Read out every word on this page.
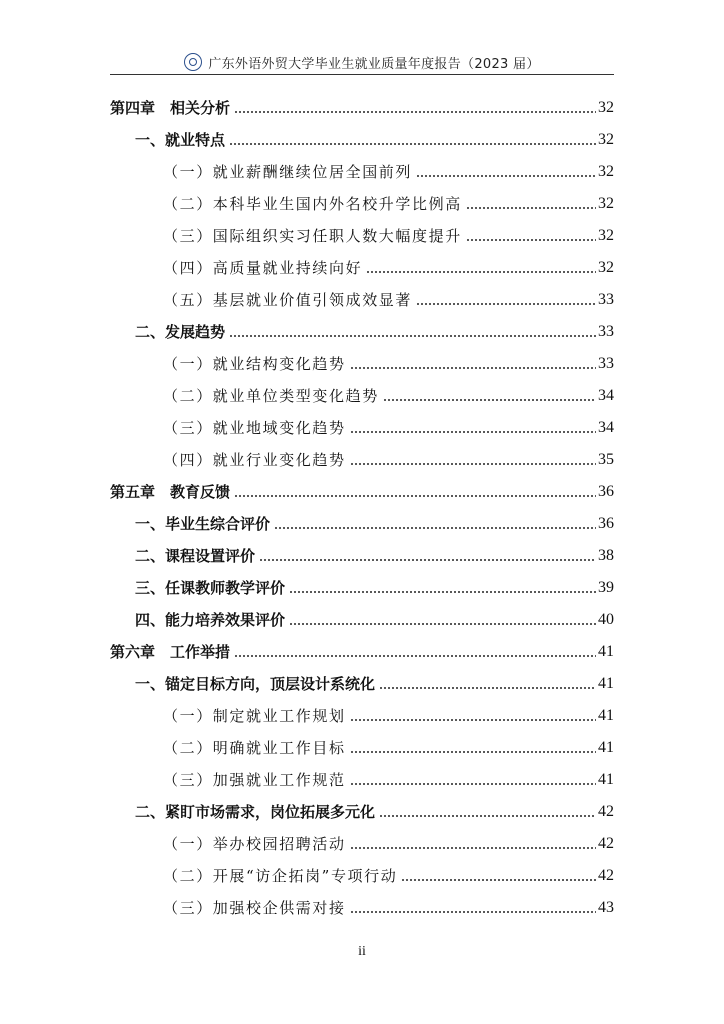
广东外语外贸大学毕业生就业质量年度报告（2023 届）
第四章　相关分析	32
一、就业特点	32
（一）就业薪酬继续位居全国前列	32
（二）本科毕业生国内外名校升学比例高	32
（三）国际组织实习任职人数大幅度提升	32
（四）高质量就业持续向好	32
（五）基层就业价值引领成效显著	33
二、发展趋势	33
（一）就业结构变化趋势	33
（二）就业单位类型变化趋势	34
（三）就业地域变化趋势	34
（四）就业行业变化趋势	35
第五章　教育反馈	36
一、毕业生综合评价	36
二、课程设置评价	38
三、任课教师教学评价	39
四、能力培养效果评价	40
第六章　工作举措	41
一、锚定目标方向，顶层设计系统化	41
（一）制定就业工作规划	41
（二）明确就业工作目标	41
（三）加强就业工作规范	41
二、紧盯市场需求，岗位拓展多元化	42
（一）举办校园招聘活动	42
（二）开展“访企拓岗”专项行动	42
（三）加强校企供需对接	43
ii
